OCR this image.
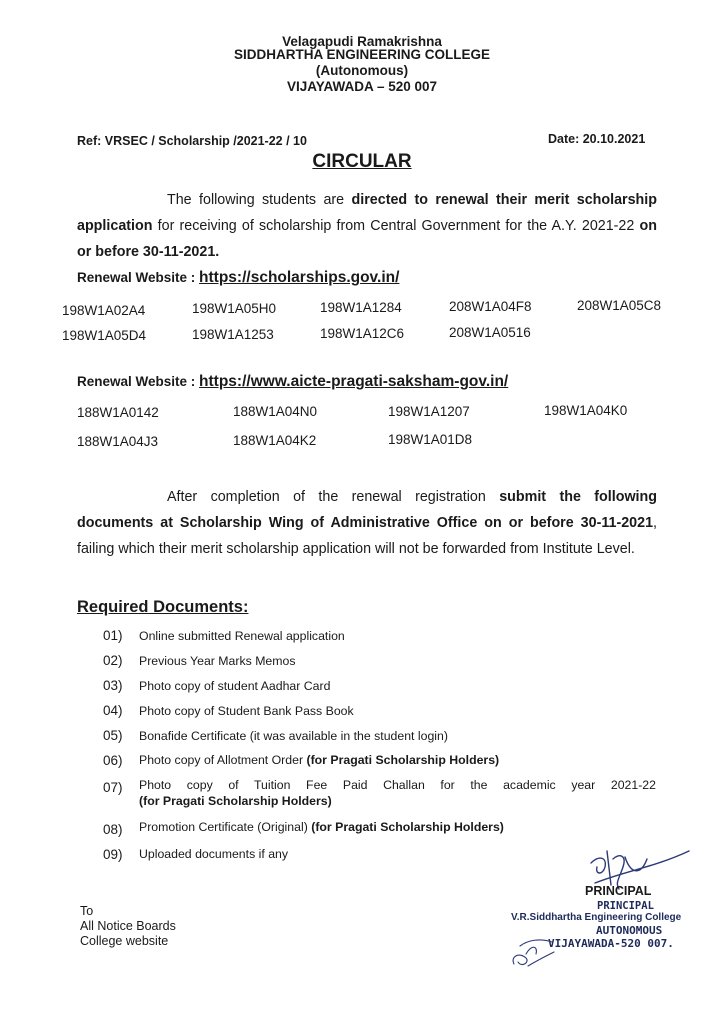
Velagapudi Ramakrishna
SIDDHARTHA ENGINEERING COLLEGE
(Autonomous)
VIJAYAWADA – 520 007
Ref: VRSEC / Scholarship /2021-22 / 10	Date: 20.10.2021
CIRCULAR
The following students are directed to renewal their merit scholarship application for receiving of scholarship from Central Government for the A.Y. 2021-22 on or before 30-11-2021.
Renewal Website : https://scholarships.gov.in/
198W1A02A4	198W1A05H0	198W1A1284	208W1A04F8	208W1A05C8
198W1A05D4	198W1A1253	198W1A12C6	208W1A0516
Renewal Website : https://www.aicte-pragati-saksham-gov.in/
188W1A0142	188W1A04N0	198W1A1207	198W1A04K0
188W1A04J3	188W1A04K2	198W1A01D8
After completion of the renewal registration submit the following documents at Scholarship Wing of Administrative Office on or before 30-11-2021, failing which their merit scholarship application will not be forwarded from Institute Level.
Required Documents:
01) Online submitted Renewal application
02) Previous Year Marks Memos
03) Photo copy of student Aadhar Card
04) Photo copy of Student Bank Pass Book
05) Bonafide Certificate (it was available in the student login)
06) Photo copy of Allotment Order (for Pragati Scholarship Holders)
07) Photo copy of Tuition Fee Paid Challan for the academic year 2021-22
(for Pragati Scholarship Holders)
08) Promotion Certificate (Original) (for Pragati Scholarship Holders)
09) Uploaded documents if any
To
All Notice Boards
College website
PRINCIPAL
PRINCIPAL
V.R.Siddhartha Engineering College
AUTONOMOUS
VIJAYAWADA-520 007.
